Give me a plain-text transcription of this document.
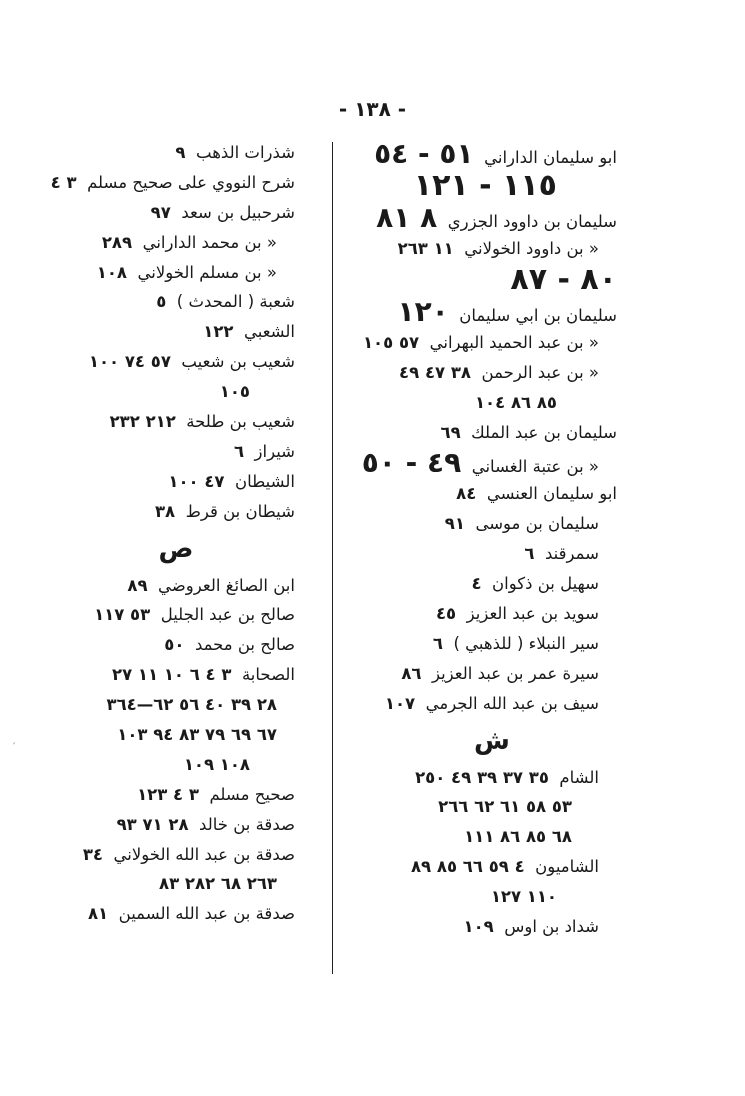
- ١٣٨ -
ابو سليمان الداراني  ٥١ - ٥٤
١١٥ - ١٢١
سليمان بن داوود الجزري  ٨ ٨١
« بن داوود الخولاني  ١١ ٢٦٣
٨٠ - ٨٧
سليمان بن ابي سليمان  ١٢٠
« بن عبد الحميد البهراني  ٥٧ ١٠٥
« بن عبد الرحمن  ٣٨ ٤٧ ٤٩
٨٥ ٨٦ ١٠٤
سليمان بن عبد الملك  ٦٩
« بن عتبة الغساني  ٤٩ - ٥٠
ابو سليمان العنسي  ٨٤
سليمان بن موسى  ٩١
سمرقند  ٦
سهيل بن ذكوان  ٤
سويد بن عبد العزيز  ٤٥
سير النبلاء ( للذهبي )  ٦
سيرة عمر بن عبد العزيز  ٨٦
سيف بن عبد الله الجرمي  ١٠٧
ش
الشام  ٣٥ ٣٧ ٣٩ ٤٩ ٢٥٠
٥٣ ٥٨ ٦١ ٦٢ ٢٦٦
٦٨ ٨٥ ٨٦ ١١١
الشاميون  ٤ ٥٩ ٦٦ ٨٥ ٨٩
١١٠ ١٢٧
شداد بن اوس  ١٠٩
شذرات الذهب  ٩
شرح النووي على صحيح مسلم  ٣ ٤
شرحبيل بن سعد  ٩٧
« بن محمد الداراني  ٢٨٩
« بن مسلم الخولاني  ١٠٨
شعبة ( المحدث )  ٥
الشعبي  ١٢٢
شعيب بن شعيب  ٥٧ ٧٤ ١٠٠
١٠٥
شعيب بن طلحة  ٢١٢ ٢٣٢
شيراز  ٦
الشيطان  ٤٧ ١٠٠
شيطان بن قرط  ٣٨
ص
ابن الصائغ العروضي  ٨٩
صالح بن عبد الجليل  ٥٣ ١١٧
صالح بن محمد  ٥٠
الصحابة  ٣ ٤ ٦ ١٠ ١١ ٢٧
٢٨ ٣٩ ٤٠ ٥٦ ٦٢—٣٦٤
٦٧ ٦٩ ٧٩ ٨٣ ٩٤ ١٠٣
١٠٨ ١٠٩
صحيح مسلم  ٣ ٤ ١٢٣
صدقة بن خالد  ٢٨ ٧١ ٩٣
صدقة بن عبد الله الخولاني  ٣٤
٢٦٣ ٦٨ ٢٨٢ ٨٣
صدقة بن عبد الله السمين  ٨١
׳
